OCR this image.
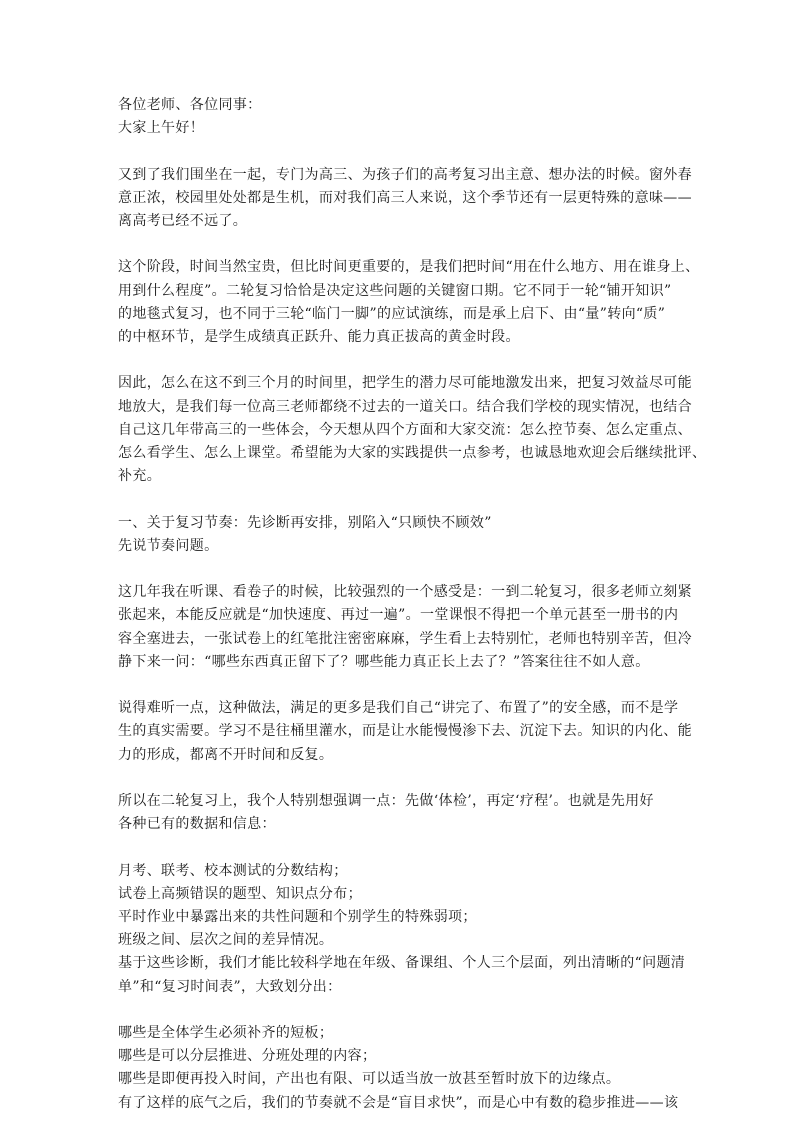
各位老师、各位同事：
大家上午好！
又到了我们围坐在一起，专门为高三、为孩子们的高考复习出主意、想办法的时候。窗外春
意正浓，校园里处处都是生机，而对我们高三人来说，这个季节还有一层更特殊的意味——
离高考已经不远了。
这个阶段，时间当然宝贵，但比时间更重要的，是我们把时间“用在什么地方、用在谁身上、
用到什么程度”。二轮复习恰恰是决定这些问题的关键窗口期。它不同于一轮“铺开知识”
的地毯式复习，也不同于三轮“临门一脚”的应试演练，而是承上启下、由“量”转向“质”
的中枢环节，是学生成绩真正跃升、能力真正拔高的黄金时段。
因此，怎么在这不到三个月的时间里，把学生的潜力尽可能地激发出来，把复习效益尽可能
地放大，是我们每一位高三老师都绕不过去的一道关口。结合我们学校的现实情况，也结合
自己这几年带高三的一些体会，今天想从四个方面和大家交流：怎么控节奏、怎么定重点、
怎么看学生、怎么上课堂。希望能为大家的实践提供一点参考，也诚恳地欢迎会后继续批评、
补充。
一、关于复习节奏：先诊断再安排，别陷入“只顾快不顾效”
先说节奏问题。
这几年我在听课、看卷子的时候，比较强烈的一个感受是：一到二轮复习，很多老师立刻紧
张起来，本能反应就是“加快速度、再过一遍”。一堂课恨不得把一个单元甚至一册书的内
容全塞进去，一张试卷上的红笔批注密密麻麻，学生看上去特别忙，老师也特别辛苦，但冷
静下来一问：“哪些东西真正留下了？哪些能力真正长上去了？”答案往往不如人意。
说得难听一点，这种做法，满足的更多是我们自己“讲完了、布置了”的安全感，而不是学
生的真实需要。学习不是往桶里灌水，而是让水能慢慢渗下去、沉淀下去。知识的内化、能
力的形成，都离不开时间和反复。
所以在二轮复习上，我个人特别想强调一点：先做‘体检’，再定‘疗程’。也就是先用好
各种已有的数据和信息：
月考、联考、校本测试的分数结构；
试卷上高频错误的题型、知识点分布；
平时作业中暴露出来的共性问题和个别学生的特殊弱项；
班级之间、层次之间的差异情况。
基于这些诊断，我们才能比较科学地在年级、备课组、个人三个层面，列出清晰的“问题清
单”和“复习时间表”，大致划分出：
哪些是全体学生必须补齐的短板；
哪些是可以分层推进、分班处理的内容；
哪些是即便再投入时间，产出也有限、可以适当放一放甚至暂时放下的边缘点。
有了这样的底气之后，我们的节奏就不会是“盲目求快”，而是心中有数的稳步推进——该
